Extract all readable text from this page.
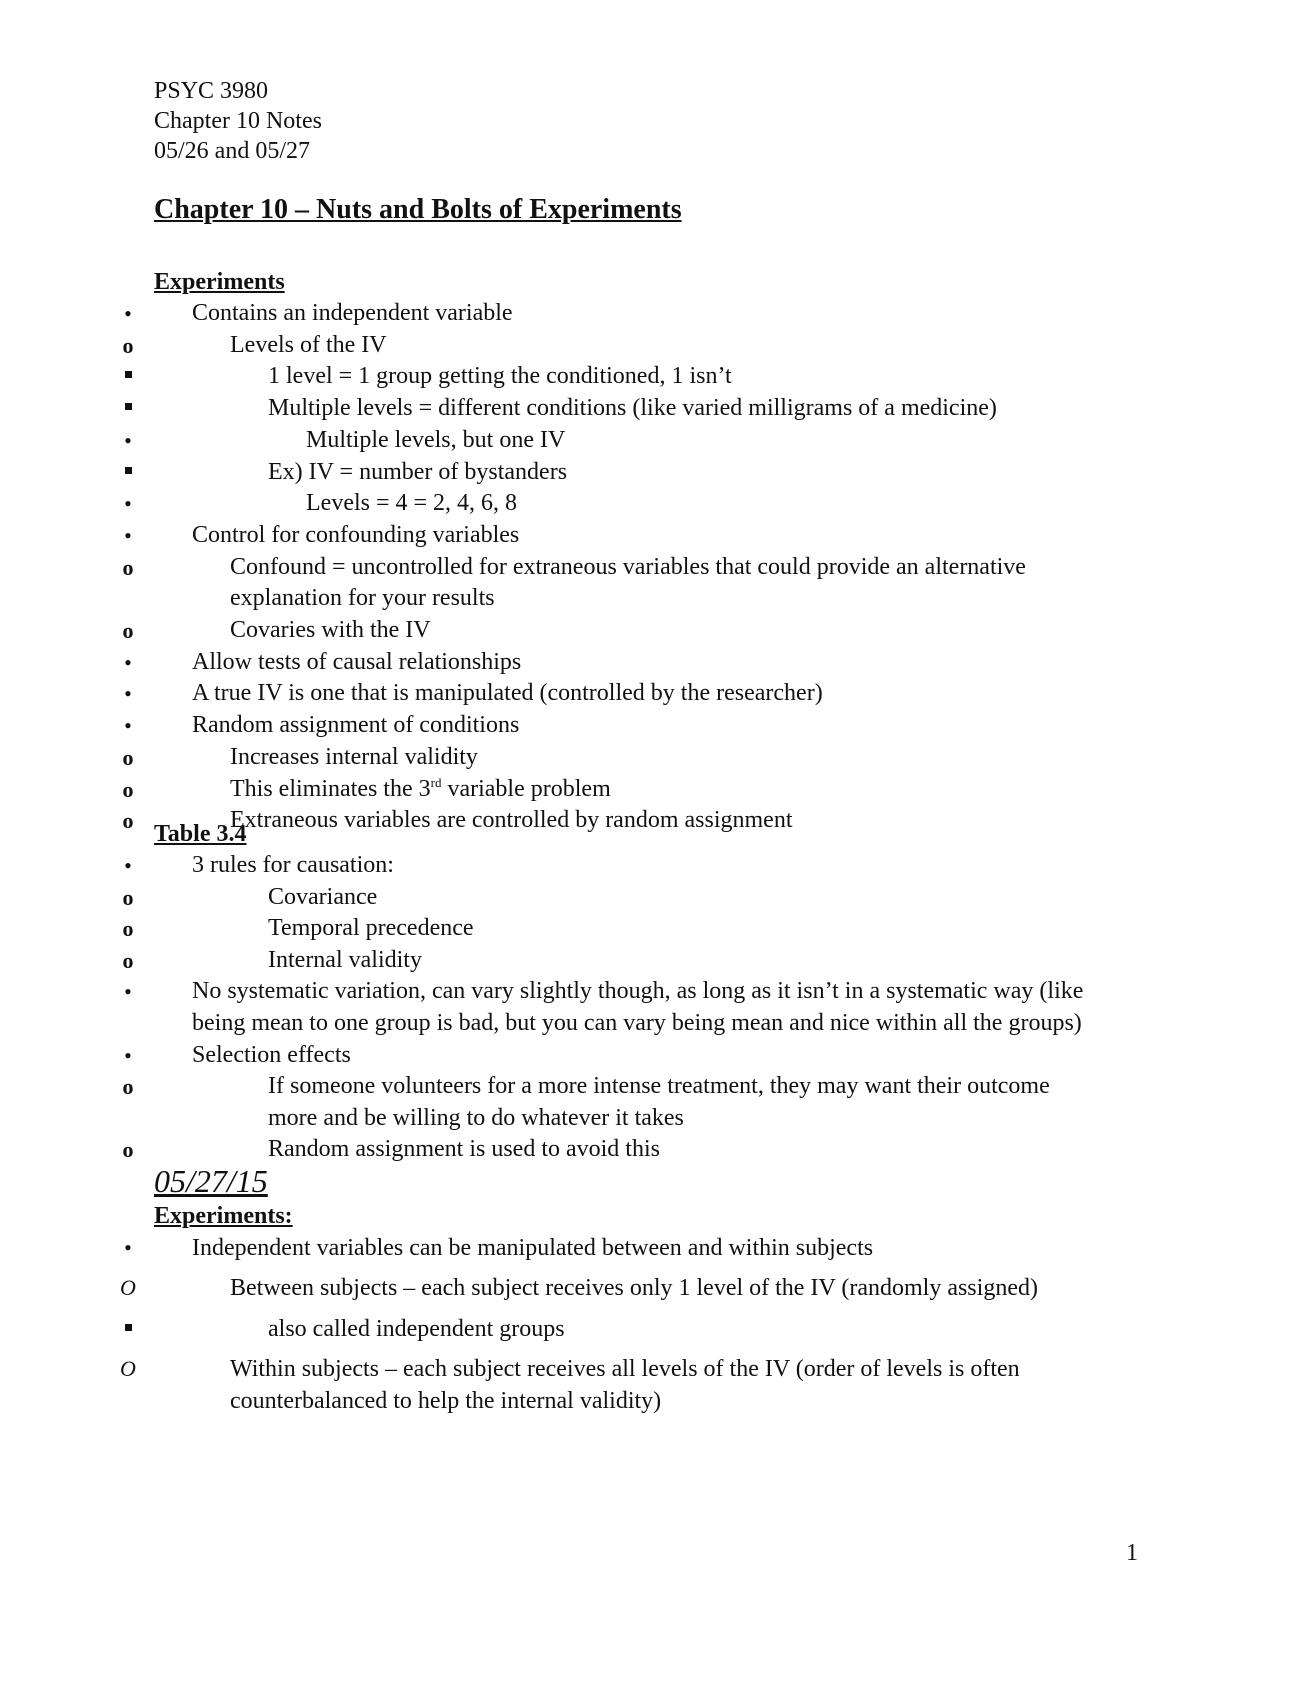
PSYC 3980
Chapter 10 Notes
05/26 and 05/27
Chapter 10 – Nuts and Bolts of Experiments
Experiments
•
Contains an independent variable
o	Levels of the IV
1 level = 1 group getting the conditioned, 1 isn’t
Multiple levels = different conditions (like varied milligrams of a medicine)
•
Multiple levels, but one IV
Ex) IV = number of bystanders
•
Levels = 4 = 2, 4, 6, 8
•
Control for confounding variables
o	Confound = uncontrolled for extraneous variables that could provide an alternative
explanation for your results
o	Covaries with the IV
•
Allow tests of causal relationships
•
A true IV is one that is manipulated (controlled by the researcher)
•
Random assignment of conditions
o	Increases internal validity
o	This eliminates the 3rd variable problem
o	Extraneous variables are controlled by random assignment
Table 3.4
•
3 rules for causation:
o	Covariance
o	Temporal precedence
o	Internal validity
•
No systematic variation, can vary slightly though, as long as it isn’t in a systematic way (like
being mean to one group is bad, but you can vary being mean and nice within all the groups)
•
Selection effects
o	If someone volunteers for a more intense treatment, they may want their outcome
more and be willing to do whatever it takes
o	Random assignment is used to avoid this
05/27/15
Experiments:
•
Independent variables can be manipulated between and within subjects
O	Between subjects – each subject receives only 1 level of the IV (randomly assigned)
also called independent groups
O	Within subjects – each subject receives all levels of the IV (order of levels is often
counterbalanced to help the internal validity)
1
